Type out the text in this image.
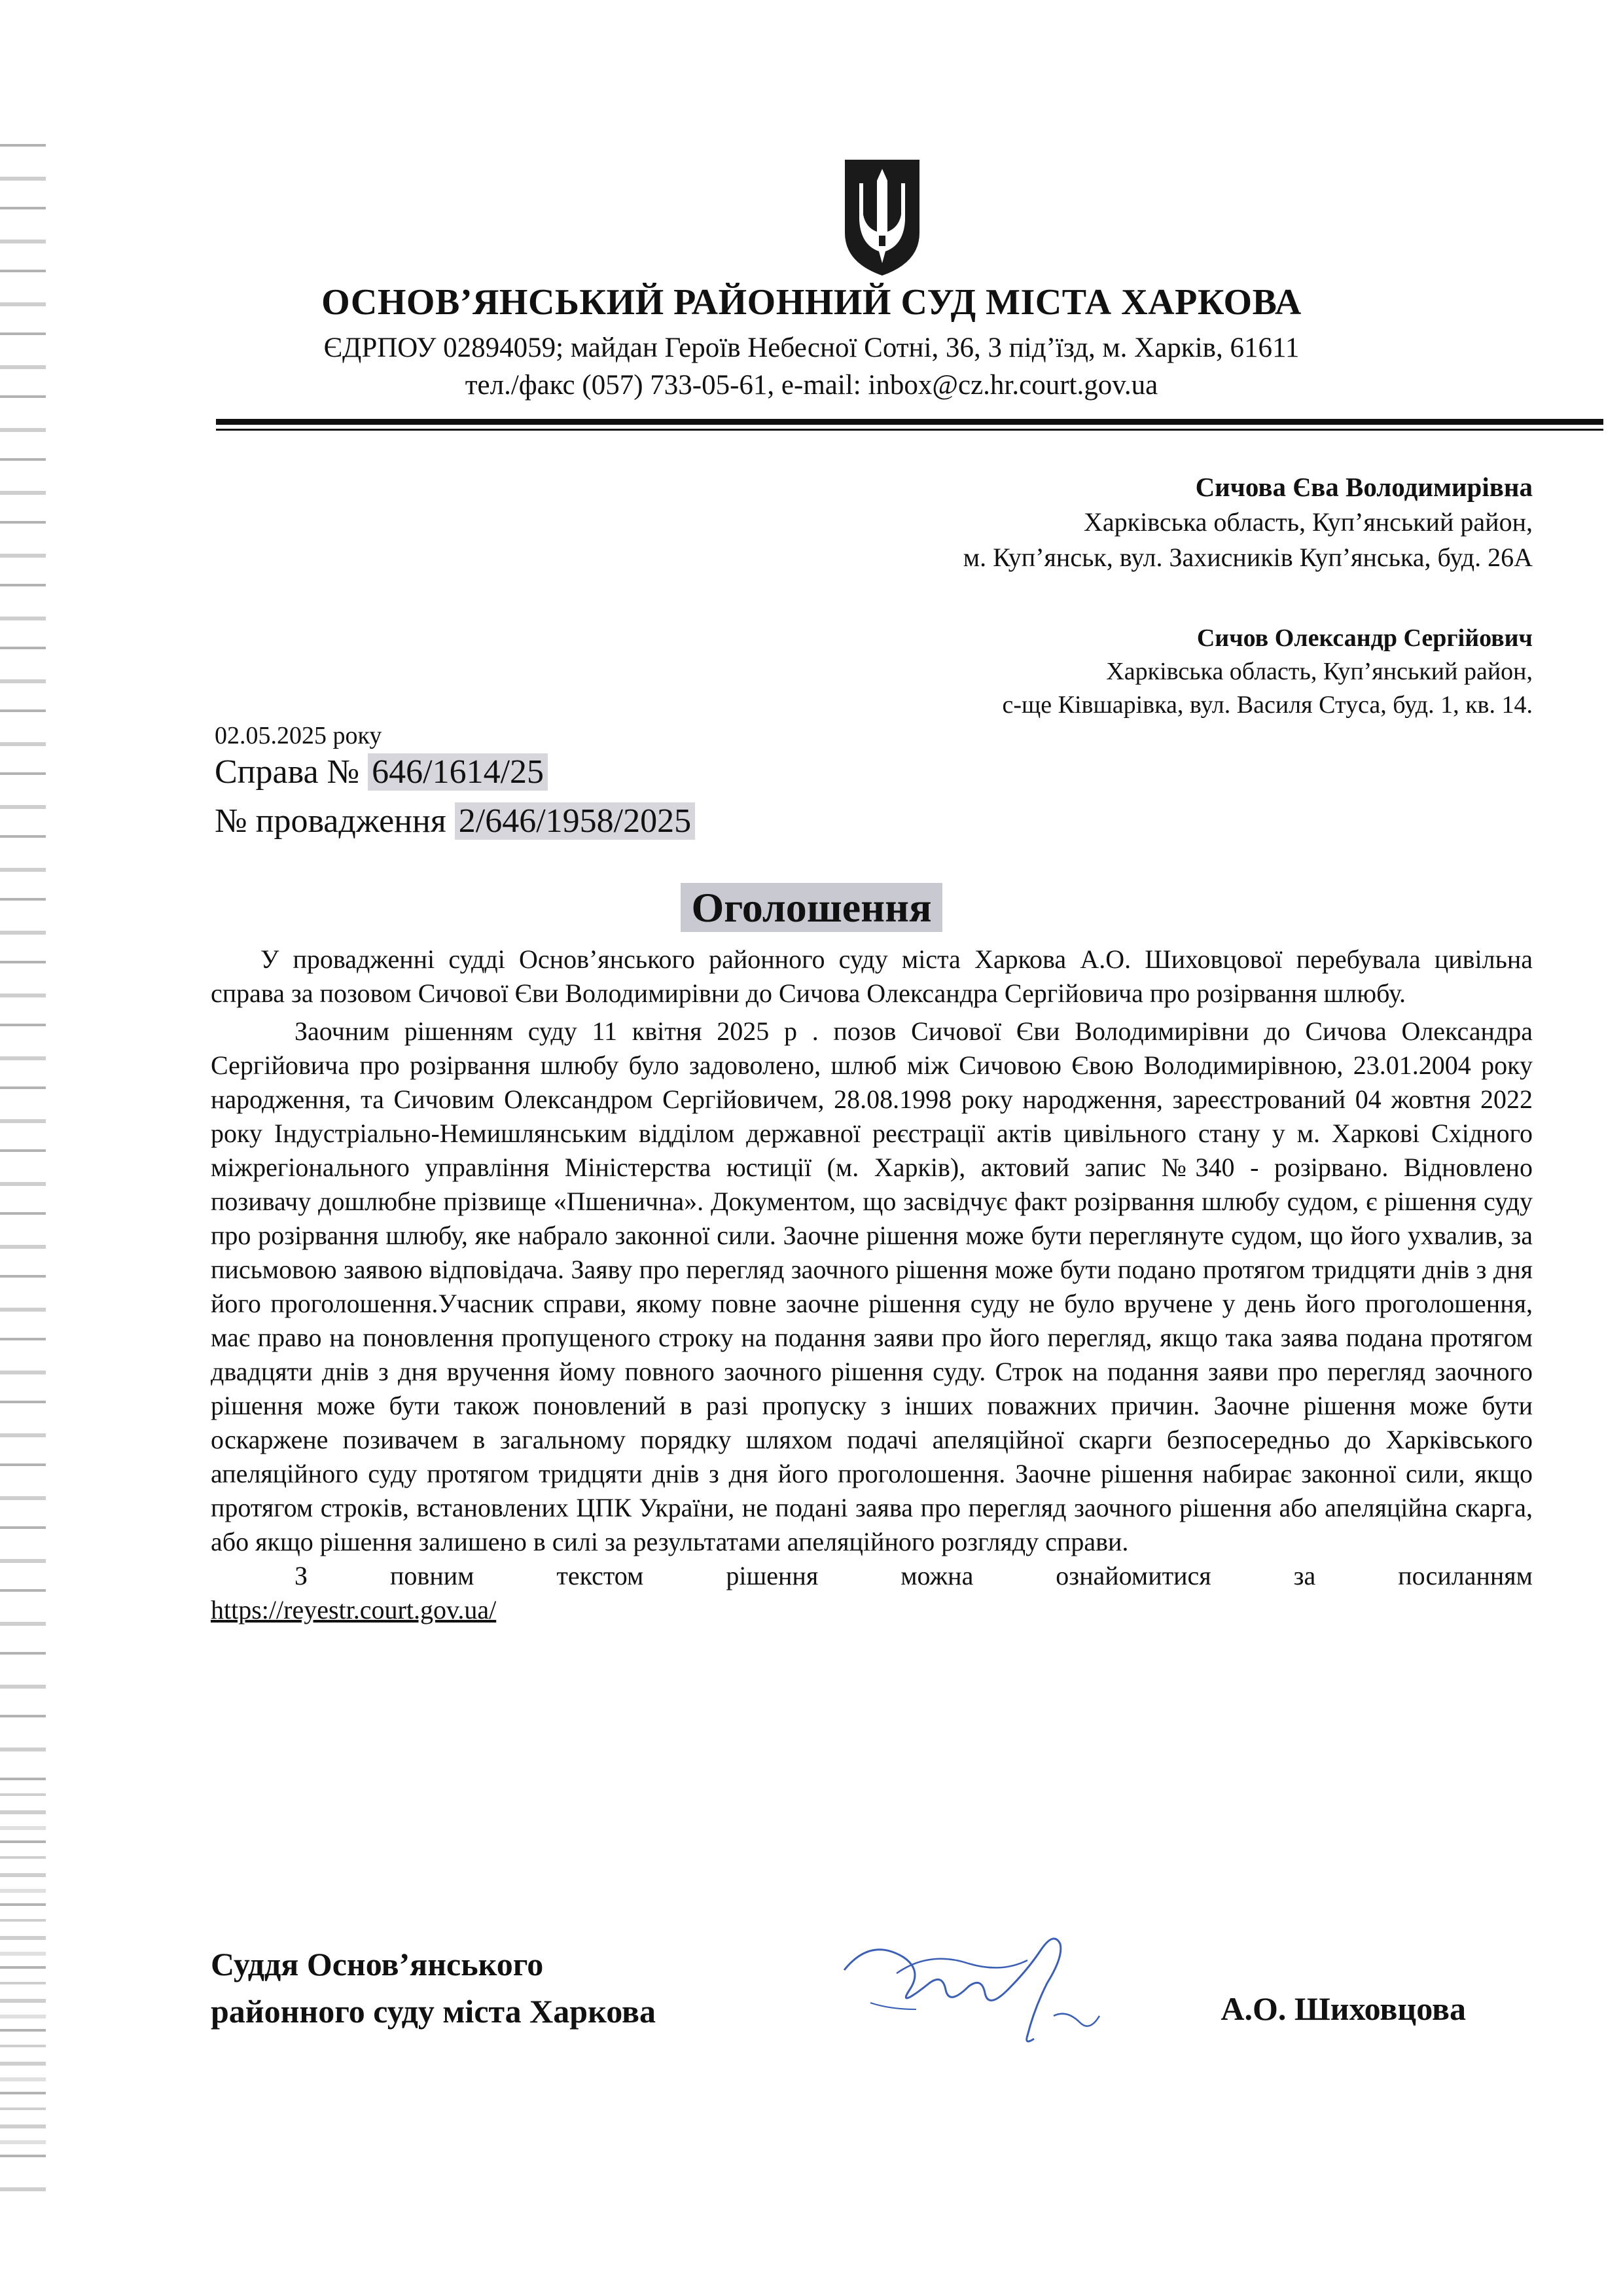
ОСНОВ’ЯНСЬКИЙ РАЙОННИЙ СУД МІСТА ХАРКОВА
ЄДРПОУ 02894059; майдан Героїв Небесної Сотні, 36, 3 під’їзд, м. Харків, 61611
тел./факс (057) 733-05-61, e-mail: inbox@cz.hr.court.gov.ua
Сичова Єва Володимирівна
Харківська область, Куп’янський район,
м. Куп’янськ, вул. Захисників Куп’янська, буд. 26А
Сичов Олександр Сергійович
Харківська область, Куп’янський район,
с-ще Ківшарівка, вул. Василя Стуса, буд. 1, кв. 14.
02.05.2025 року
Справа № 646/1614/25
№ провадження 2/646/1958/2025
Оголошення

У провадженні судді Основ’янського районного суду міста Харкова А.О. Шиховцової перебувала цивільна справа за позовом Сичової Єви Володимирівни до Сичова Олександра Сергійовича про розірвання шлюбу.

Заочним рішенням суду 11 квітня 2025 р . позов Сичової Єви Володимирівни до Сичова Олександра Сергійовича про розірвання шлюбу було задоволено, шлюб між Сичовою Євою Володимирівною, 23.01.2004 року народження, та Сичовим Олександром Сергійовичем, 28.08.1998 року народження, зареєстрований 04 жовтня 2022 року Індустріально-Немишлянським відділом державної реєстрації актів цивільного стану у м. Харкові Східного міжрегіонального управління Міністерства юстиції (м. Харків), актовий запис №340 - розірвано. Відновлено позивачу дошлюбне прізвище «Пшенична». Документом, що засвідчує факт розірвання шлюбу судом, є рішення суду про розірвання шлюбу, яке набрало законної сили. Заочне рішення може бути переглянуте судом, що його ухвалив, за письмовою заявою відповідача. Заяву про перегляд заочного рішення може бути подано протягом тридцяти днів з дня його проголошення.Учасник справи, якому повне заочне рішення суду не було вручене у день його проголошення, має право на поновлення пропущеного строку на подання заяви про його перегляд, якщо така заява подана протягом двадцяти днів з дня вручення йому повного заочного рішення суду. Строк на подання заяви про перегляд заочного рішення може бути також поновлений в разі пропуску з інших поважних причин. Заочне рішення може бути оскаржене позивачем в загальному порядку шляхом подачі апеляційної скарги безпосередньо до Харківського апеляційного суду протягом тридцяти днів з дня його проголошення. Заочне рішення набирає законної сили, якщо протягом строків, встановлених ЦПК України, не подані заява про перегляд заочного рішення або апеляційна скарга, або якщо рішення залишено в силі за результатами апеляційного розгляду справи.

З повним текстом рішення можна ознайомитися за посиланням

https://reyestr.court.gov.ua/
Суддя Основ’янського
районного суду міста Харкова	А.О. Шиховцова
